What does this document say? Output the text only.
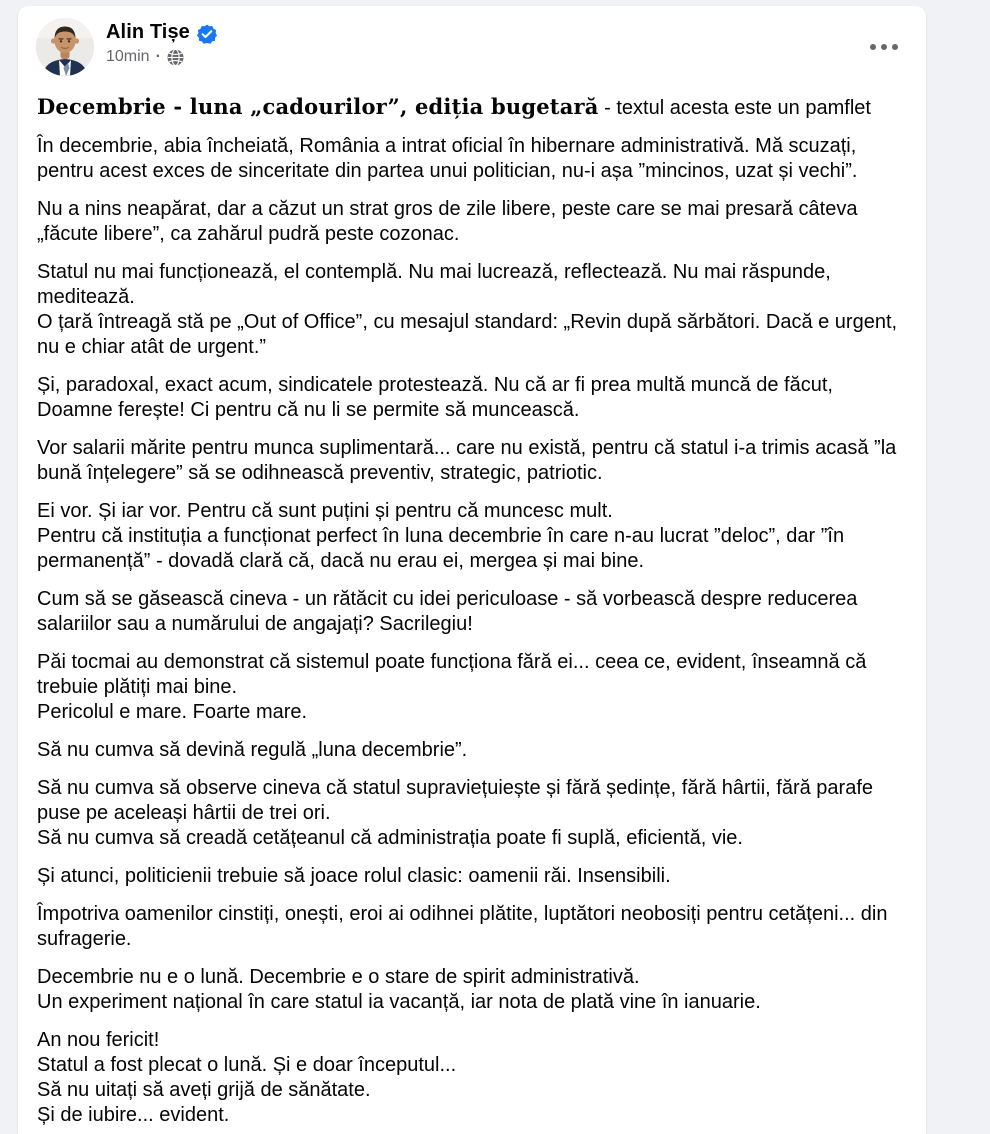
Alin Tișe
10min ·

Decembrie - luna „cadourilor”, ediția bugetară - textul acesta este un pamflet

În decembrie, abia încheiată, România a intrat oficial în hibernare administrativă. Mă scuzați, pentru acest exces de sinceritate din partea unui politician, nu-i așa ”mincinos, uzat și vechi”.

Nu a nins neapărat, dar a căzut un strat gros de zile libere, peste care se mai presară câteva „făcute libere”, ca zahărul pudră peste cozonac.

Statul nu mai funcționează, el contemplă. Nu mai lucrează, reflectează. Nu mai răspunde, meditează.
O țară întreagă stă pe „Out of Office”, cu mesajul standard: „Revin după sărbători. Dacă e urgent, nu e chiar atât de urgent.”

Și, paradoxal, exact acum, sindicatele protestează. Nu că ar fi prea multă muncă de făcut, Doamne ferește! Ci pentru că nu li se permite să muncească.

Vor salarii mărite pentru munca suplimentară... care nu există, pentru că statul i-a trimis acasă ”la bună înțelegere” să se odihnească preventiv, strategic, patriotic.

Ei vor. Și iar vor. Pentru că sunt puțini și pentru că muncesc mult.
Pentru că instituția a funcționat perfect în luna decembrie în care n-au lucrat ”deloc”, dar ”în permanență” - dovadă clară că, dacă nu erau ei, mergea și mai bine.

Cum să se găsească cineva - un rătăcit cu idei periculoase - să vorbească despre reducerea salariilor sau a numărului de angajați? Sacrilegiu!

Păi tocmai au demonstrat că sistemul poate funcționa fără ei... ceea ce, evident, înseamnă că trebuie plătiți mai bine.
Pericolul e mare. Foarte mare.

Să nu cumva să devină regulă „luna decembrie”.

Să nu cumva să observe cineva că statul supraviețuiește și fără ședințe, fără hârtii, fără parafe puse pe aceleași hârtii de trei ori.
Să nu cumva să creadă cetățeanul că administrația poate fi suplă, eficientă, vie.

Și atunci, politicienii trebuie să joace rolul clasic: oamenii răi. Insensibili.

Împotriva oamenilor cinstiți, onești, eroi ai odihnei plătite, luptători neobosiți pentru cetățeni... din sufragerie.

Decembrie nu e o lună. Decembrie e o stare de spirit administrativă.
Un experiment național în care statul ia vacanță, iar nota de plată vine în ianuarie.

An nou fericit!
Statul a fost plecat o lună. Și e doar începutul...
Să nu uitați să aveți grijă de sănătate.
Și de iubire... evident.
